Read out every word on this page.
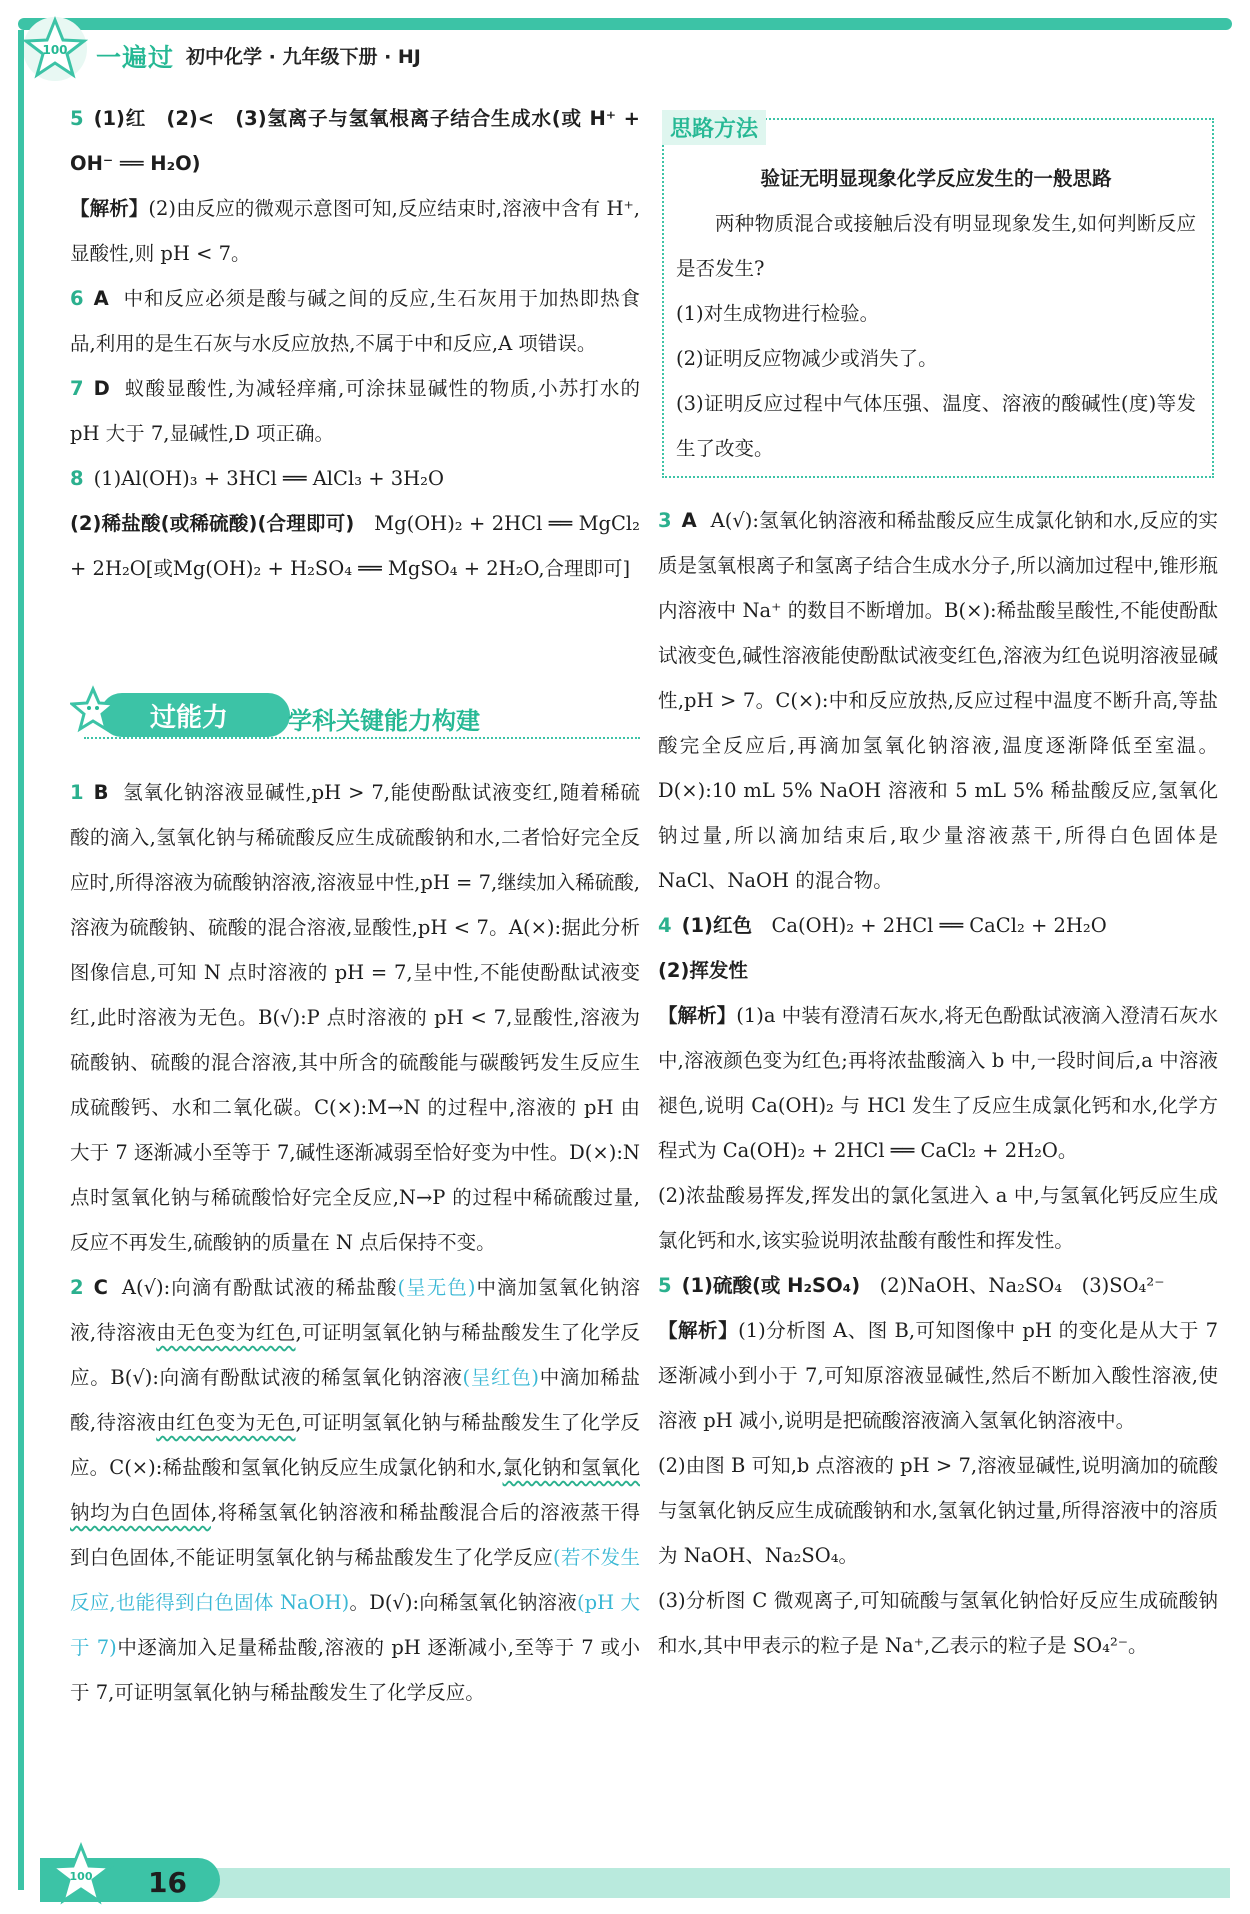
100 一遍过 初中化学 · 九年级下册 · HJ

5 (1)红　(2)<　(3)氢离子与氢氧根离子结合生成水(或 H⁺ + OH⁻ ══ H₂O)

【解析】(2)由反应的微观示意图可知,反应结束时,溶液中含有 H⁺,显酸性,则 pH < 7。

6 A 中和反应必须是酸与碱之间的反应,生石灰用于加热即热食品,利用的是生石灰与水反应放热,不属于中和反应,A 项错误。

7 D 蚁酸显酸性,为减轻痒痛,可涂抹显碱性的物质,小苏打水的 pH 大于 7,显碱性,D 项正确。

8 (1)Al(OH)₃ + 3HCl ══ AlCl₃ + 3H₂O
(2)稀盐酸(或稀硫酸)(合理即可)　 Mg(OH)₂ + 2HCl ══ MgCl₂ + 2H₂O[或Mg(OH)₂ + H₂SO₄ ══ MgSO₄ + 2H₂O,合理即可]

过能力 学科关键能力构建

1 B 氢氧化钠溶液显碱性,pH > 7,能使酚酞试液变红,随着稀硫酸的滴入,氢氧化钠与稀硫酸反应生成硫酸钠和水,二者恰好完全反应时,所得溶液为硫酸钠溶液,溶液显中性,pH = 7,继续加入稀硫酸,溶液为硫酸钠、硫酸的混合溶液,显酸性,pH < 7。A(×):据此分析图像信息,可知 N 点时溶液的 pH = 7,呈中性,不能使酚酞试液变红,此时溶液为无色。B(√):P 点时溶液的 pH < 7,显酸性,溶液为硫酸钠、硫酸的混合溶液,其中所含的硫酸能与碳酸钙发生反应生成硫酸钙、水和二氧化碳。C(×):M→N 的过程中,溶液的 pH 由大于 7 逐渐减小至等于 7,碱性逐渐减弱至恰好变为中性。D(×):N 点时氢氧化钠与稀硫酸恰好完全反应,N→P 的过程中稀硫酸过量,反应不再发生,硫酸钠的质量在 N 点后保持不变。

2 C A(√):向滴有酚酞试液的稀盐酸(呈无色)中滴加氢氧化钠溶液,待溶液由无色变为红色,可证明氢氧化钠与稀盐酸发生了化学反应。B(√):向滴有酚酞试液的稀氢氧化钠溶液(呈红色)中滴加稀盐酸,待溶液由红色变为无色,可证明氢氧化钠与稀盐酸发生了化学反应。C(×):稀盐酸和氢氧化钠反应生成氯化钠和水,氯化钠和氢氧化钠均为白色固体,将稀氢氧化钠溶液和稀盐酸混合后的溶液蒸干得到白色固体,不能证明氢氧化钠与稀盐酸发生了化学反应(若不发生反应,也能得到白色固体 NaOH)。D(√):向稀氢氧化钠溶液(pH 大于 7)中逐滴加入足量稀盐酸,溶液的 pH 逐渐减小,至等于 7 或小于 7,可证明氢氧化钠与稀盐酸发生了化学反应。

思路方法
验证无明显现象化学反应发生的一般思路

两种物质混合或接触后没有明显现象发生,如何判断反应是否发生?

(1)对生成物进行检验。

(2)证明反应物减少或消失了。

(3)证明反应过程中气体压强、温度、溶液的酸碱性(度)等发生了改变。

3 A A(√):氢氧化钠溶液和稀盐酸反应生成氯化钠和水,反应的实质是氢氧根离子和氢离子结合生成水分子,所以滴加过程中,锥形瓶内溶液中 Na⁺ 的数目不断增加。B(×):稀盐酸呈酸性,不能使酚酞试液变色,碱性溶液能使酚酞试液变红色,溶液为红色说明溶液显碱性,pH > 7。C(×):中和反应放热,反应过程中温度不断升高,等盐酸完全反应后,再滴加氢氧化钠溶液,温度逐渐降低至室温。D(×):10 mL 5% NaOH 溶液和 5 mL 5% 稀盐酸反应,氢氧化钠过量,所以滴加结束后,取少量溶液蒸干,所得白色固体是 NaCl、NaOH 的混合物。

4 (1)红色　 Ca(OH)₂ + 2HCl ══ CaCl₂ + 2H₂O
(2)挥发性

【解析】(1)a 中装有澄清石灰水,将无色酚酞试液滴入澄清石灰水中,溶液颜色变为红色;再将浓盐酸滴入 b 中,一段时间后,a 中溶液褪色,说明 Ca(OH)₂ 与 HCl 发生了反应生成氯化钙和水,化学方程式为 Ca(OH)₂ + 2HCl ══ CaCl₂ + 2H₂O。

(2)浓盐酸易挥发,挥发出的氯化氢进入 a 中,与氢氧化钙反应生成氯化钙和水,该实验说明浓盐酸有酸性和挥发性。

5 (1)硫酸(或 H₂SO₄)　 (2)NaOH、Na₂SO₄　(3)SO₄²⁻

【解析】(1)分析图 A、图 B,可知图像中 pH 的变化是从大于 7 逐渐减小到小于 7,可知原溶液显碱性,然后不断加入酸性溶液,使溶液 pH 减小,说明是把硫酸溶液滴入氢氧化钠溶液中。

(2)由图 B 可知,b 点溶液的 pH > 7,溶液显碱性,说明滴加的硫酸与氢氧化钠反应生成硫酸钠和水,氢氧化钠过量,所得溶液中的溶质为 NaOH、Na₂SO₄。

(3)分析图 C 微观离子,可知硫酸与氢氧化钠恰好反应生成硫酸钠和水,其中甲表示的粒子是 Na⁺,乙表示的粒子是 SO₄²⁻。

100 16
